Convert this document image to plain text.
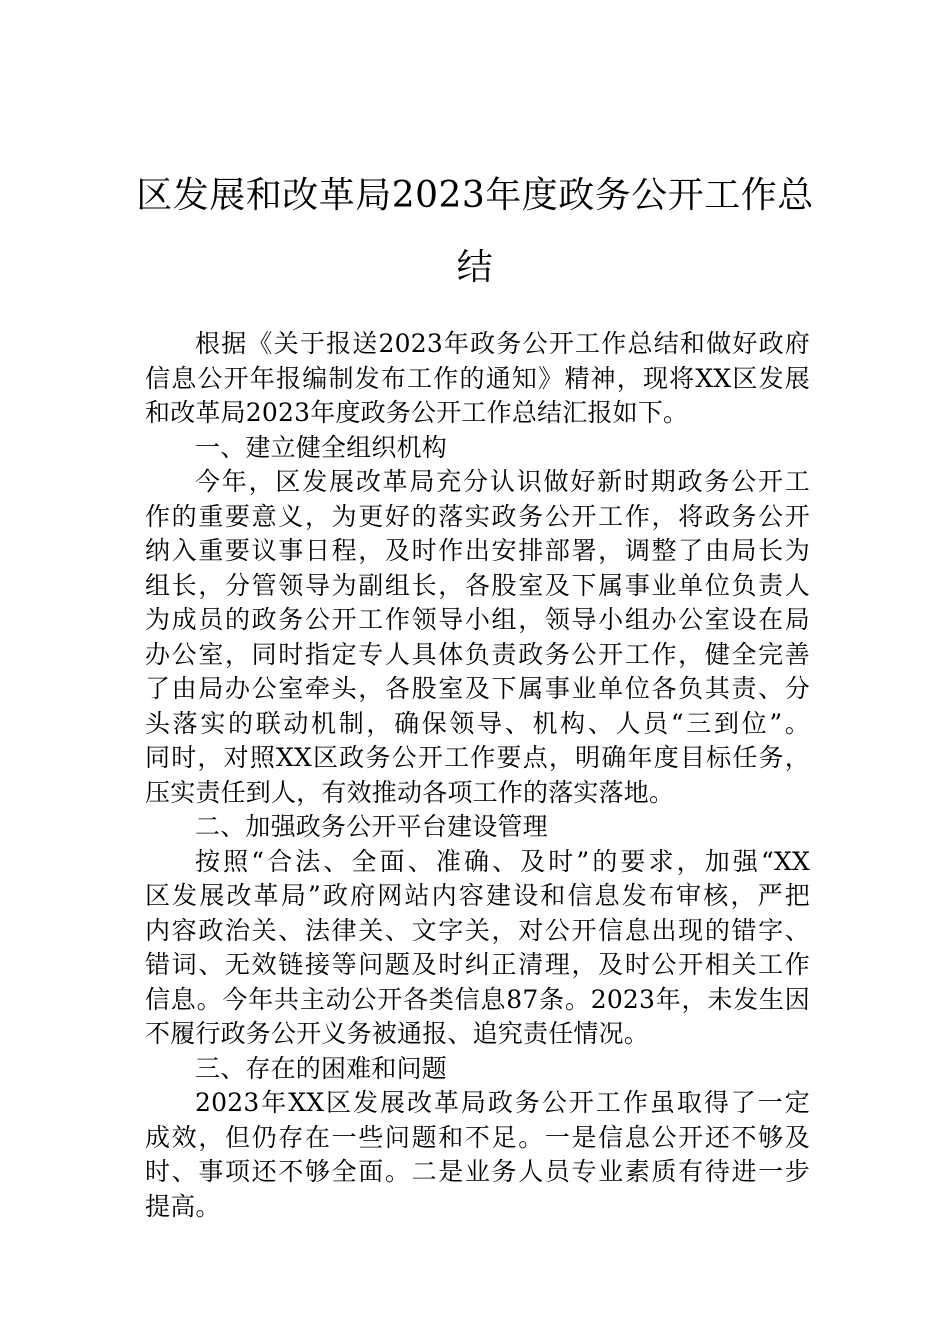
区发展和改革局2023年度政务公开工作总
结
根据《关于报送2023年政务公开工作总结和做好政府
信息公开年报编制发布工作的通知》精神，现将XX区发展
和改革局2023年度政务公开工作总结汇报如下。
一、建立健全组织机构
今年，区发展改革局充分认识做好新时期政务公开工
作的重要意义，为更好的落实政务公开工作，将政务公开
纳入重要议事日程，及时作出安排部署，调整了由局长为
组长，分管领导为副组长，各股室及下属事业单位负责人
为成员的政务公开工作领导小组，领导小组办公室设在局
办公室，同时指定专人具体负责政务公开工作，健全完善
了由局办公室牵头，各股室及下属事业单位各负其责、分
头落实的联动机制，确保领导、机构、人员“三到位”。
同时，对照XX区政务公开工作要点，明确年度目标任务，
压实责任到人，有效推动各项工作的落实落地。
二、加强政务公开平台建设管理
按照“合法、全面、准确、及时”的要求，加强“XX
区发展改革局”政府网站内容建设和信息发布审核，严把
内容政治关、法律关、文字关，对公开信息出现的错字、
错词、无效链接等问题及时纠正清理，及时公开相关工作
信息。今年共主动公开各类信息87条。2023年，未发生因
不履行政务公开义务被通报、追究责任情况。
三、存在的困难和问题
2023年XX区发展改革局政务公开工作虽取得了一定
成效，但仍存在一些问题和不足。一是信息公开还不够及
时、事项还不够全面。二是业务人员专业素质有待进一步
提高。
